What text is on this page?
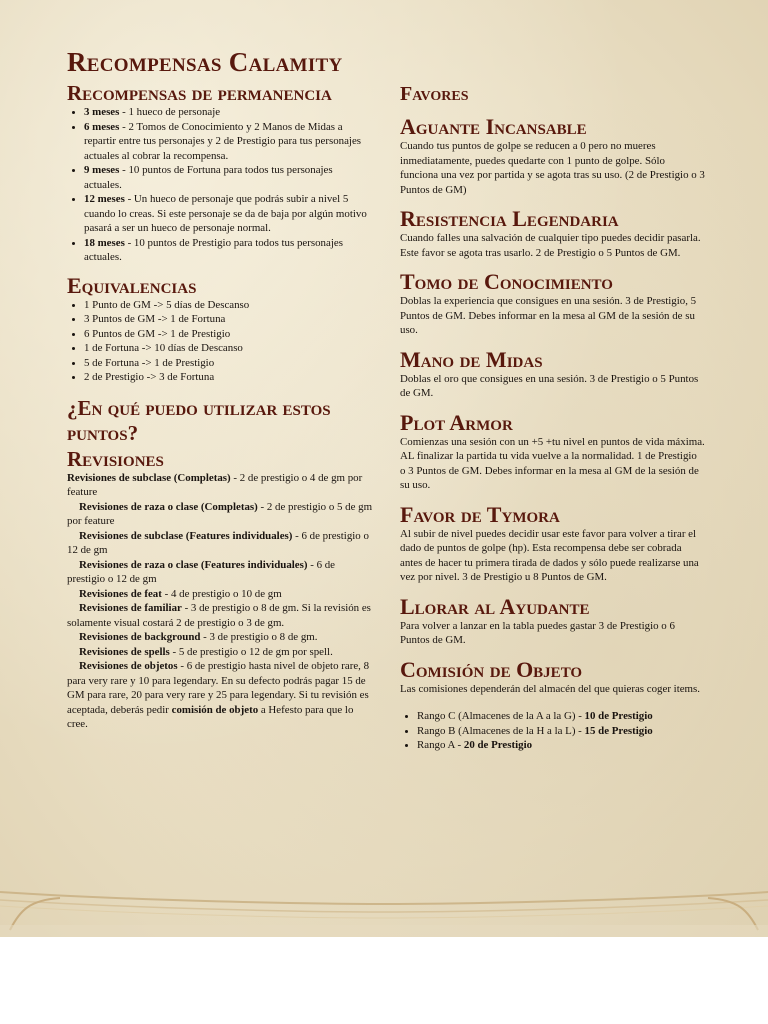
Recompensas Calamity
Recompensas de permanencia
• 3 meses - 1 hueco de personaje
• 6 meses - 2 Tomos de Conocimiento y 2 Manos de Midas a repartir entre tus personajes y 2 de Prestigio para tus personajes actuales al cobrar la recompensa.
• 9 meses - 10 puntos de Fortuna para todos tus personajes actuales.
• 12 meses - Un hueco de personaje que podrás subir a nivel 5 cuando lo creas. Si este personaje se da de baja por algún motivo pasará a ser un hueco de personaje normal.
• 18 meses - 10 puntos de Prestigio para todos tus personajes actuales.
Equivalencias
• 1 Punto de GM -> 5 días de Descanso
• 3 Puntos de GM -> 1 de Fortuna
• 6 Puntos de GM -> 1 de Prestigio
• 1 de Fortuna -> 10 días de Descanso
• 5 de Fortuna -> 1 de Prestigio
• 2 de Prestigio -> 3 de Fortuna
¿En qué puedo utilizar estos puntos?
Revisiones

Revisiones de subclase (Completas) - 2 de prestigio o 4 de gm por feature

Revisiones de raza o clase (Completas) - 2 de prestigio o 5 de gm por feature

Revisiones de subclase (Features individuales) - 6 de prestigio o 12 de gm

Revisiones de raza o clase (Features individuales) - 6 de prestigio o 12 de gm

Revisiones de feat - 4 de prestigio o 10 de gm

Revisiones de familiar - 3 de prestigio o 8 de gm. Si la revisión es solamente visual costará 2 de prestigio o 3 de gm.

Revisiones de background - 3 de prestigio o 8 de gm.

Revisiones de spells - 5 de prestigio o 12 de gm por spell.

Revisiones de objetos - 6 de prestigio hasta nivel de objeto rare, 8 para very rare y 10 para legendary. En su defecto podrás pagar 15 de GM para rare, 20 para very rare y 25 para legendary. Si tu revisión es aceptada, deberás pedir comisión de objeto a Hefesto para que lo cree.

Favores
Aguante Incansable

Cuando tus puntos de golpe se reducen a 0 pero no mueres inmediatamente, puedes quedarte con 1 punto de golpe. Sólo funciona una vez por partida y se agota tras su uso. (2 de Prestigio o 3 Puntos de GM)

Resistencia Legendaria

Cuando falles una salvación de cualquier tipo puedes decidir pasarla. Este favor se agota tras usarlo. 2 de Prestigio o 5 Puntos de GM.

Tomo de Conocimiento

Doblas la experiencia que consigues en una sesión. 3 de Prestigio, 5 Puntos de GM. Debes informar en la mesa al GM de la sesión de su uso.

Mano de Midas

Doblas el oro que consigues en una sesión. 3 de Prestigio o 5 Puntos de GM.

Plot Armor

Comienzas una sesión con un +5 +tu nivel en puntos de vida máxima. AL finalizar la partida tu vida vuelve a la normalidad. 1 de Prestigio o 3 Puntos de GM. Debes informar en la mesa al GM de la sesión de su uso.

Favor de Tymora

Al subir de nivel puedes decidir usar este favor para volver a tirar el dado de puntos de golpe (hp). Esta recompensa debe ser cobrada antes de hacer tu primera tirada de dados y sólo puede realizarse una vez por nivel. 3 de Prestigio u 8 Puntos de GM.

Llorar al Ayudante

Para volver a lanzar en la tabla puedes gastar 3 de Prestigio o 6 Puntos de GM.

Comisión de Objeto

Las comisiones dependerán del almacén del que quieras coger items.

• Rango C (Almacenes de la A a la G) - 10 de Prestigio
• Rango B (Almacenes de la H a la L) - 15 de Prestigio
• Rango A - 20 de Prestigio
